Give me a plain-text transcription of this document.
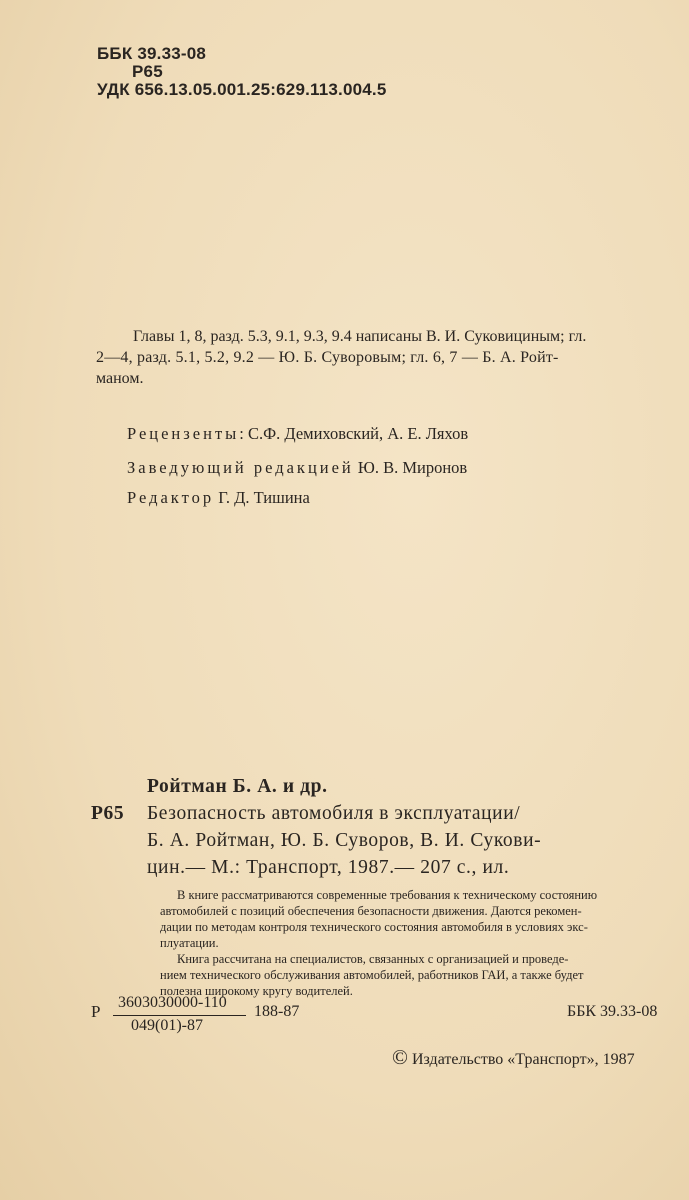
ББК 39.33-08
Р65
УДК 656.13.05.001.25:629.113.004.5
Главы 1, 8, разд. 5.3, 9.1, 9.3, 9.4 написаны В. И. Суковициным; гл.
2—4, разд. 5.1, 5.2, 9.2 — Ю. Б. Суворовым; гл. 6, 7 — Б. А. Ройт-
маном.
Рецензенты: С.Ф. Демиховский, А. Е. Ляхов
Заведующий редакцией Ю. В. Миронов
Редактор Г. Д. Тишина
Ройтман Б. А. и др.
Р65 Безопасность автомобиля в эксплуатации/
Б. А. Ройтман, Ю. Б. Суворов, В. И. Сукови-
цин.— М.: Транспорт, 1987.— 207 с., ил.
В книге рассматриваются современные требования к техническому состоянию
автомобилей с позиций обеспечения безопасности движения. Даются рекомен-
дации по методам контроля технического состояния автомобиля в условиях экс-
плуатации.
Книга рассчитана на специалистов, связанных с организацией и проведе-
нием технического обслуживания автомобилей, работников ГАИ, а также будет
полезна широкому кругу водителей.
Р 3603030000-110
049(01)-87
188-87	ББК 39.33-08
© Издательство «Транспорт», 1987
